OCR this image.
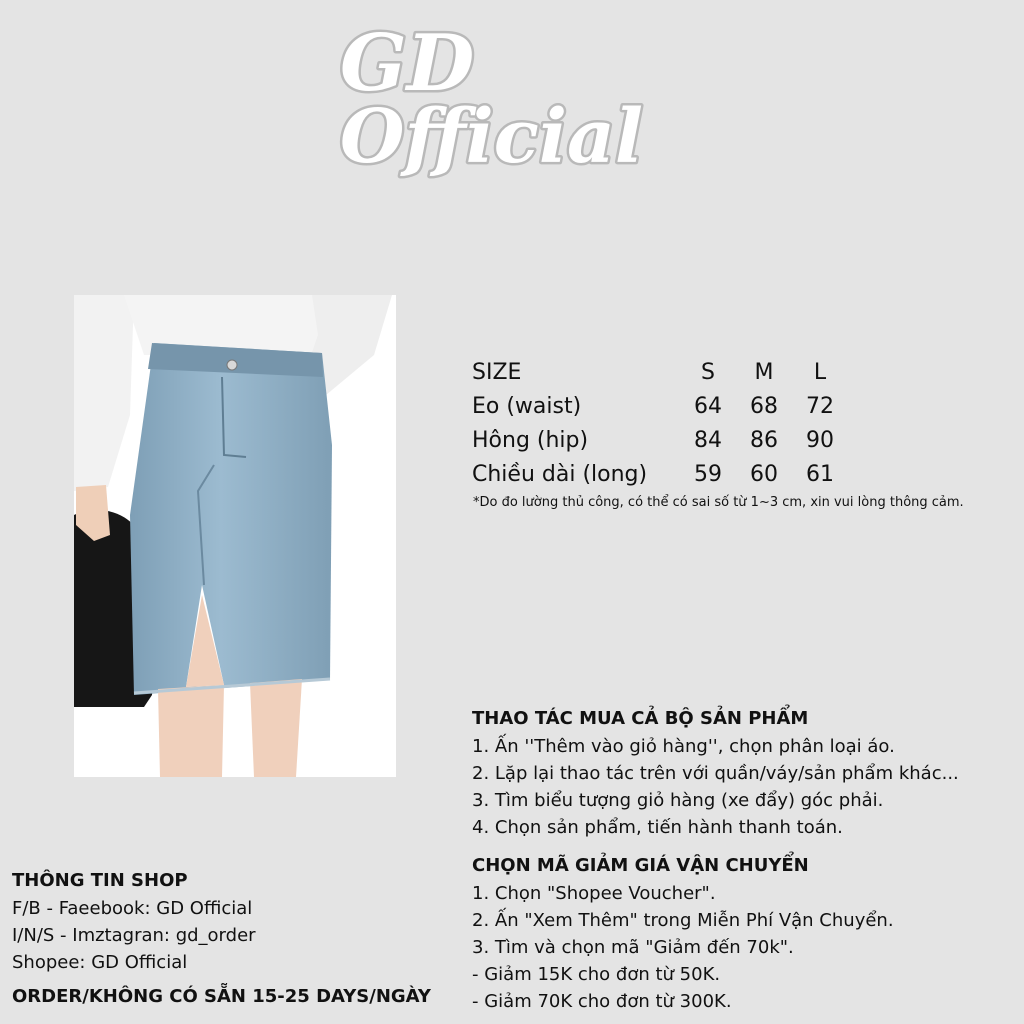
GD
Official
SIZE	S	M	L
Eo (waist)	64	68	72
Hông (hip)	84	86	90
Chiều dài (long)	59	60	61
*Do đo lường thủ công, có thể có sai số từ 1~3 cm, xin vui lòng thông cảm.
THAO TÁC MUA CẢ BỘ SẢN PHẨM
1. Ấn ''Thêm vào giỏ hàng'', chọn phân loại áo.
2. Lặp lại thao tác trên với quần/váy/sản phẩm khác...
3. Tìm biểu tượng giỏ hàng (xe đẩy) góc phải.
4. Chọn sản phẩm, tiến hành thanh toán.
CHỌN MÃ GIẢM GIÁ VẬN CHUYỂN
1. Chọn "Shopee Voucher".
2. Ấn "Xem Thêm" trong Miễn Phí Vận Chuyển.
3. Tìm và chọn mã "Giảm đến 70k".
- Giảm 15K cho đơn từ 50K.
- Giảm 70K cho đơn từ 300K.
THÔNG TIN SHOP
F/B - Faeebook: GD Official
I/N/S - Imztagran: gd_order
Shopee: GD Official
ORDER/KHÔNG CÓ SẴN 15-25 DAYS/NGÀY
